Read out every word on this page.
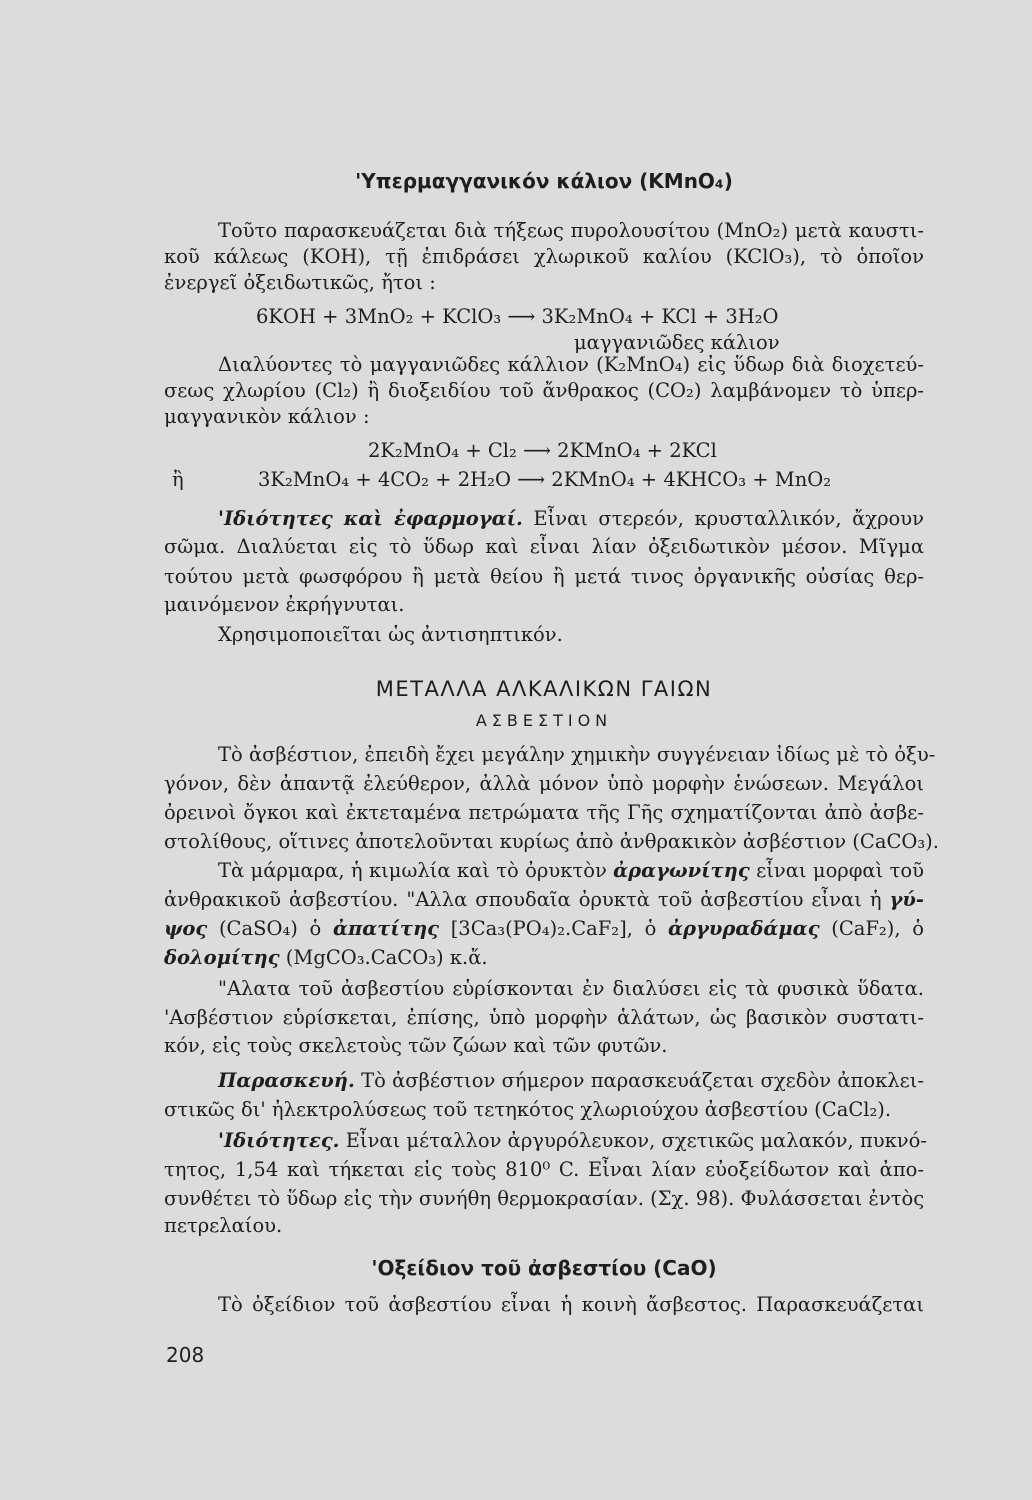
'Υπερμαγγανικόν κάλιον (ΚΜnΟ₄)
Τοῦτο παρασκευάζεται διὰ τήξεως πυρολουσίτου (MnO₂) μετὰ καυστι-
κοῦ κάλεως (ΚΟΗ), τῇ ἐπιδράσει χλωρικοῦ καλίου (KClO₃), τὸ ὁποῖον
ἐνεργεῖ ὀξειδωτικῶς, ἤτοι :
6ΚΟΗ + 3MnO₂ + KClO₃ ⟶ 3K₂MnO₄ + KCl + 3H₂O
μαγγανιῶδες κάλιον
Διαλύοντες τὸ μαγγανιῶδες κάλλιον (K₂MnO₄) εἰς ὕδωρ διὰ διοχετεύ-
σεως χλωρίου (Cl₂) ἢ διοξειδίου τοῦ ἄνθρακος (CO₂) λαμβάνομεν τὸ ὑπερ-
μαγγανικὸν κάλιον :
2K₂MnO₄ + Cl₂ ⟶ 2KMnO₄ + 2KCl
ἢ	3K₂MnO₄ + 4CO₂ + 2H₂O ⟶ 2KMnO₄ + 4KHCO₃ + MnO₂
'Ιδιότητες καὶ ἐφαρμογαί. Εἶναι στερεόν, κρυσταλλικόν, ἄχρουν
σῶμα. Διαλύεται εἰς τὸ ὕδωρ καὶ εἶναι λίαν ὀξειδωτικὸν μέσον. Μῖγμα
τούτου μετὰ φωσφόρου ἢ μετὰ θείου ἢ μετά τινος ὀργανικῆς οὐσίας θερ-
μαινόμενον ἐκρήγνυται.
Χρησιμοποιεῖται ὡς ἀντισηπτικόν.
ΜΕΤΑΛΛΑ ΑΛΚΑΛΙΚΩΝ ΓΑΙΩΝ
ΑΣΒΕΣΤΙΟΝ
Τὸ ἀσβέστιον, ἐπειδὴ ἔχει μεγάλην χημικὴν συγγένειαν ἰδίως μὲ τὸ ὀξυ-
γόνον, δὲν ἀπαντᾷ ἐλεύθερον, ἀλλὰ μόνον ὑπὸ μορφὴν ἑνώσεων. Μεγάλοι
ὀρεινοὶ ὄγκοι καὶ ἐκτεταμένα πετρώματα τῆς Γῆς σχηματίζονται ἀπὸ ἀσβε-
στολίθους, οἵτινες ἀποτελοῦνται κυρίως ἀπὸ ἀνθρακικὸν ἀσβέστιον (CaCO₃).
Τὰ μάρμαρα, ἡ κιμωλία καὶ τὸ ὀρυκτὸν ἀραγωνίτης εἶναι μορφαὶ τοῦ
ἀνθρακικοῦ ἀσβεστίου. "Αλλα σπουδαῖα ὀρυκτὰ τοῦ ἀσβεστίου εἶναι ἡ γύ-
ψος (CaSO₄) ὁ ἀπατίτης [3Ca₃(PO₄)₂.CaF₂], ὁ ἀργυραδάμας (CaF₂), ὁ
δολομίτης (MgCO₃.CaCO₃) κ.ἄ.
"Αλατα τοῦ ἀσβεστίου εὑρίσκονται ἐν διαλύσει εἰς τὰ φυσικὰ ὕδατα.
'Ασβέστιον εὑρίσκεται, ἐπίσης, ὑπὸ μορφὴν ἁλάτων, ὡς βασικὸν συστατι-
κόν, εἰς τοὺς σκελετοὺς τῶν ζώων καὶ τῶν φυτῶν.
Παρασκευή. Τὸ ἀσβέστιον σήμερον παρασκευάζεται σχεδὸν ἀποκλει-
στικῶς δι' ἠλεκτρολύσεως τοῦ τετηκότος χλωριούχου ἀσβεστίου (CaCl₂).
'Ιδιότητες. Εἶναι μέταλλον ἀργυρόλευκον, σχετικῶς μαλακόν, πυκνό-
τητος, 1,54 καὶ τήκεται εἰς τοὺς 810⁰ C. Εἶναι λίαν εὐοξείδωτον καὶ ἀπο-
συνθέτει τὸ ὕδωρ εἰς τὴν συνήθη θερμοκρασίαν. (Σχ. 98). Φυλάσσεται ἐντὸς
πετρελαίου.
'Οξείδιον τοῦ ἀσβεστίου (CaO)
Τὸ ὀξείδιον τοῦ ἀσβεστίου εἶναι ἡ κοινὴ ἄσβεστος. Παρασκευάζεται
208
